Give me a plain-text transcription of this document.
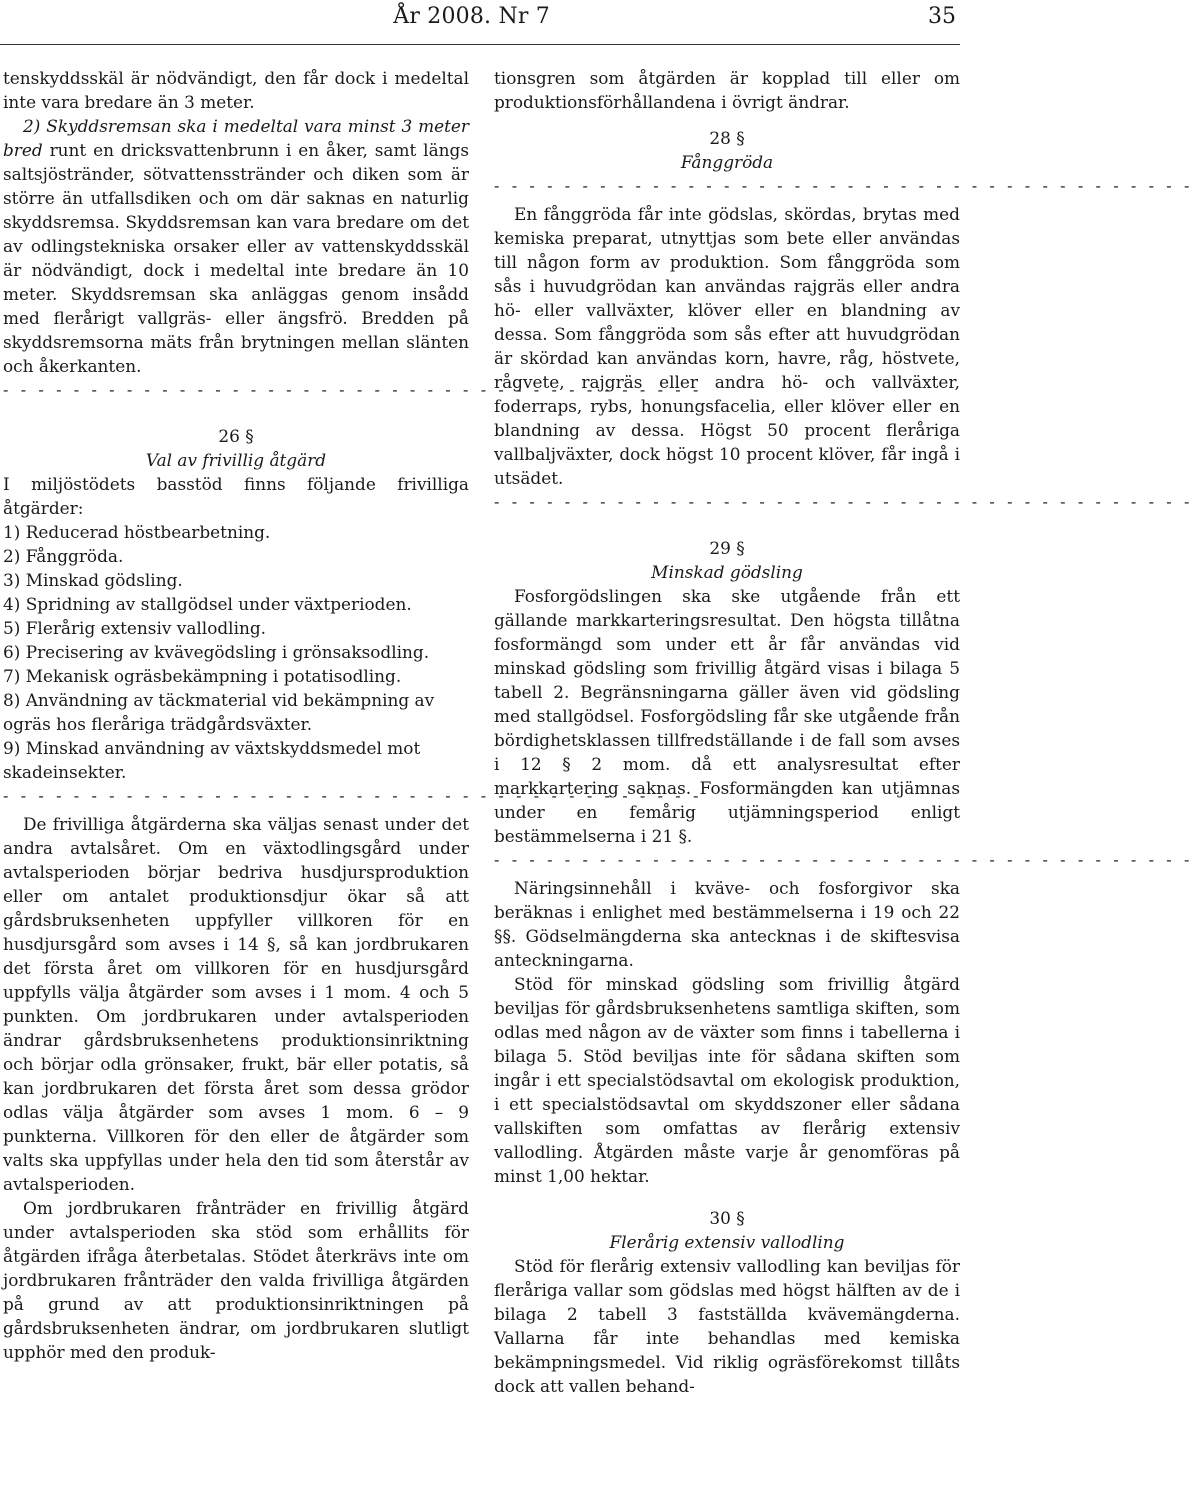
År 2008. Nr 7	35

tenskyddsskäl är nödvändigt, den får dock i medeltal inte vara bredare än 3 meter.

2) Skyddsremsan ska i medeltal vara minst 3 meter bred runt en dricksvattenbrunn i en åker, samt längs saltsjöstränder, sötvattensstränder och diken som är större än utfallsdiken och om där saknas en naturlig skyddsremsa. Skyddsremsan kan vara bredare om det av odlingstekniska orsaker eller av vattenskyddsskäl är nödvändigt, dock i medeltal inte bredare än 10 meter. Skyddsremsan ska anläggas genom insådd med flerårigt vallgräs- eller ängsfrö. Bredden på skyddsremsorna mäts från brytningen mellan slänten och åkerkanten.

- - - - - - - - - - - - - - - - - - - - - - - - - - - - - - - - - - - - - - - -

26 §

Val av frivillig åtgärd

I miljöstödets basstöd finns följande frivilliga åtgärder:

1) Reducerad höstbearbetning.

2) Fånggröda.

3) Minskad gödsling.

4) Spridning av stallgödsel under växtperioden.

5) Flerårig extensiv vallodling.

6) Precisering av kvävegödsling i grönsaksodling.

7) Mekanisk ogräsbekämpning i potatisodling.

8) Användning av täckmaterial vid bekämpning av ogräs hos fleråriga trädgårdsväxter.

9) Minskad användning av växtskyddsmedel mot skadeinsekter.

- - - - - - - - - - - - - - - - - - - - - - - - - - - - - - - - - - - - - - - -

De frivilliga åtgärderna ska väljas senast under det andra avtalsåret. Om en växtodlingsgård under avtalsperioden börjar bedriva husdjursproduktion eller om antalet produktionsdjur ökar så att gårdsbruksenheten uppfyller villkoren för en husdjursgård som avses i 14 §, så kan jordbrukaren det första året om villkoren för en husdjursgård uppfylls välja åtgärder som avses i 1 mom. 4 och 5 punkten. Om jordbrukaren under avtalsperioden ändrar gårdsbruksenhetens produktionsinriktning och börjar odla grönsaker, frukt, bär eller potatis, så kan jordbrukaren det första året som dessa grödor odlas välja åtgärder som avses 1 mom. 6 – 9 punkterna. Villkoren för den eller de åtgärder som valts ska uppfyllas under hela den tid som återstår av avtalsperioden.

Om jordbrukaren frånträder en frivillig åtgärd under avtalsperioden ska stöd som erhållits för åtgärden ifråga återbetalas. Stödet återkrävs inte om jordbrukaren frånträder den valda frivilliga åtgärden på grund av att produktionsinriktningen på gårdsbruksenheten ändrar, om jordbrukaren slutligt upphör med den produk-

tionsgren som åtgärden är kopplad till eller om produktionsförhållandena i övrigt ändrar.

28 §

Fånggröda

- - - - - - - - - - - - - - - - - - - - - - - - - - - - - - - - - - - - - - - -

En fånggröda får inte gödslas, skördas, brytas med kemiska preparat, utnyttjas som bete eller användas till någon form av produktion. Som fånggröda som sås i huvudgrödan kan användas rajgräs eller andra hö- eller vallväxter, klöver eller en blandning av dessa. Som fånggröda som sås efter att huvudgrödan är skördad kan användas korn, havre, råg, höstvete, rågvete, rajgräs eller andra hö- och vallväxter, foderraps, rybs, honungsfacelia, eller klöver eller en blandning av dessa. Högst 50 procent fleråriga vallbaljväxter, dock högst 10 procent klöver, får ingå i utsädet.

- - - - - - - - - - - - - - - - - - - - - - - - - - - - - - - - - - - - - - - -

29 §

Minskad gödsling

Fosforgödslingen ska ske utgående från ett gällande markkarteringsresultat. Den högsta tillåtna fosformängd som under ett år får användas vid minskad gödsling som frivillig åtgärd visas i bilaga 5 tabell 2. Begränsningarna gäller även vid gödsling med stallgödsel. Fosforgödsling får ske utgående från bördighetsklassen tillfredställande i de fall som avses i 12 § 2 mom. då ett analysresultat efter markkartering saknas. Fosformängden kan utjämnas under en femårig utjämningsperiod enligt bestämmelserna i 21 §.

- - - - - - - - - - - - - - - - - - - - - - - - - - - - - - - - - - - - - - - -

Näringsinnehåll i kväve- och fosforgivor ska beräknas i enlighet med bestämmelserna i 19 och 22 §§. Gödselmängderna ska antecknas i de skiftesvisa anteckningarna.

Stöd för minskad gödsling som frivillig åtgärd beviljas för gårdsbruksenhetens samtliga skiften, som odlas med någon av de växter som finns i tabellerna i bilaga 5. Stöd beviljas inte för sådana skiften som ingår i ett specialstödsavtal om ekologisk produktion, i ett specialstödsavtal om skyddszoner eller sådana vallskiften som omfattas av flerårig extensiv vallodling. Åtgärden måste varje år genomföras på minst 1,00 hektar.

30 §

Flerårig extensiv vallodling

Stöd för flerårig extensiv vallodling kan beviljas för fleråriga vallar som gödslas med högst hälften av de i bilaga 2 tabell 3 fastställda kvävemängderna. Vallarna får inte behandlas med kemiska bekämpningsmedel. Vid riklig ogräsförekomst tillåts dock att vallen behand-
